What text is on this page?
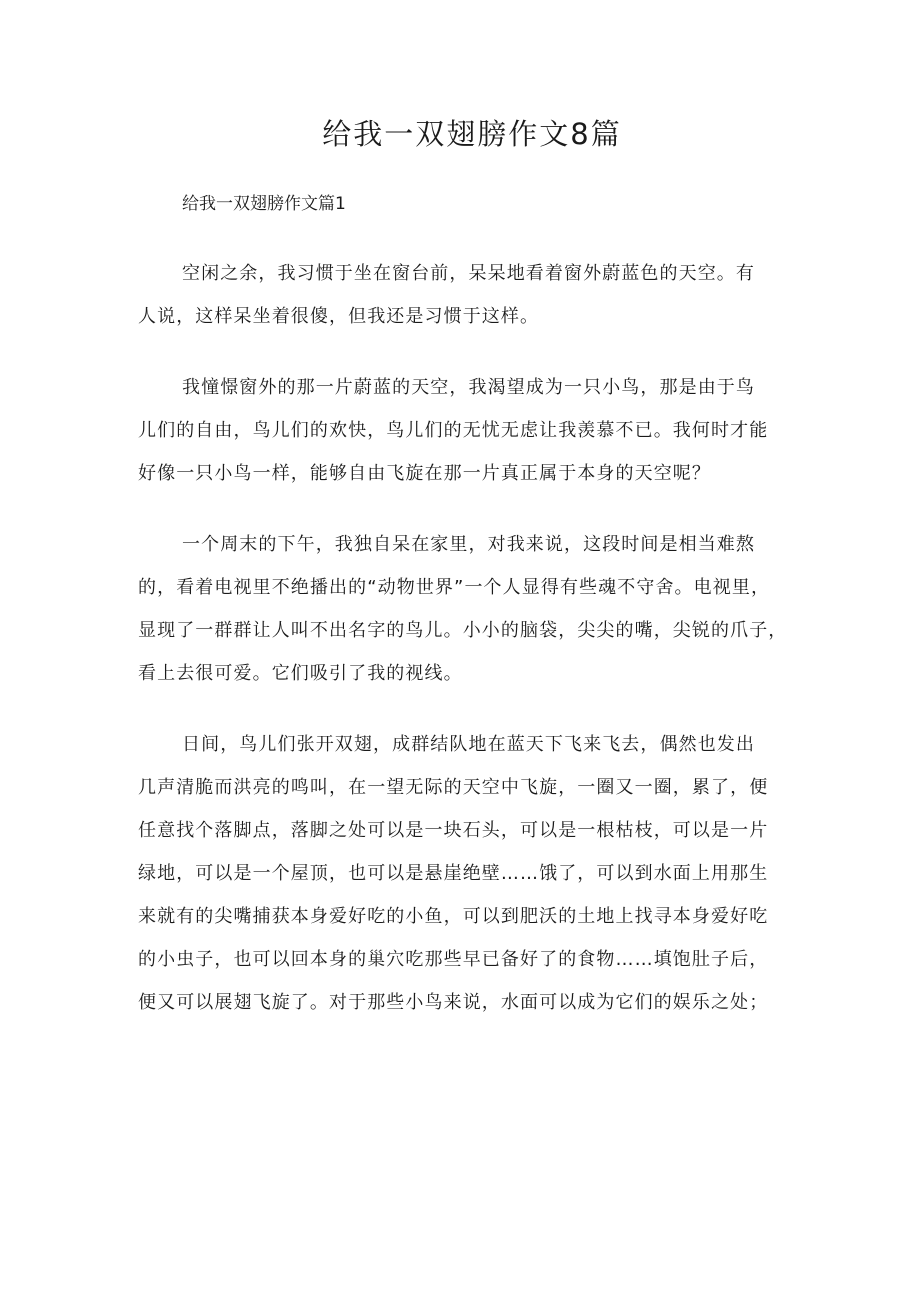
给我一双翅膀作文8篇
给我一双翅膀作文篇1

空闲之余，我习惯于坐在窗台前，呆呆地看着窗外蔚蓝色的天空。有
人说，这样呆坐着很傻，但我还是习惯于这样。

我憧憬窗外的那一片蔚蓝的天空，我渴望成为一只小鸟，那是由于鸟
儿们的自由，鸟儿们的欢快，鸟儿们的无忧无虑让我羡慕不已。我何时才能
好像一只小鸟一样，能够自由飞旋在那一片真正属于本身的天空呢？

一个周末的下午，我独自呆在家里，对我来说，这段时间是相当难熬
的，看着电视里不绝播出的“动物世界”一个人显得有些魂不守舍。电视里，
显现了一群群让人叫不出名字的鸟儿。小小的脑袋，尖尖的嘴，尖锐的爪子，
看上去很可爱。它们吸引了我的视线。

日间，鸟儿们张开双翅，成群结队地在蓝天下飞来飞去，偶然也发出
几声清脆而洪亮的鸣叫，在一望无际的天空中飞旋，一圈又一圈，累了，便
任意找个落脚点，落脚之处可以是一块石头，可以是一根枯枝，可以是一片
绿地，可以是一个屋顶，也可以是悬崖绝壁……饿了，可以到水面上用那生
来就有的尖嘴捕获本身爱好吃的小鱼，可以到肥沃的土地上找寻本身爱好吃
的小虫子，也可以回本身的巢穴吃那些早已备好了的食物……填饱肚子后，
便又可以展翅飞旋了。对于那些小鸟来说，水面可以成为它们的娱乐之处；
